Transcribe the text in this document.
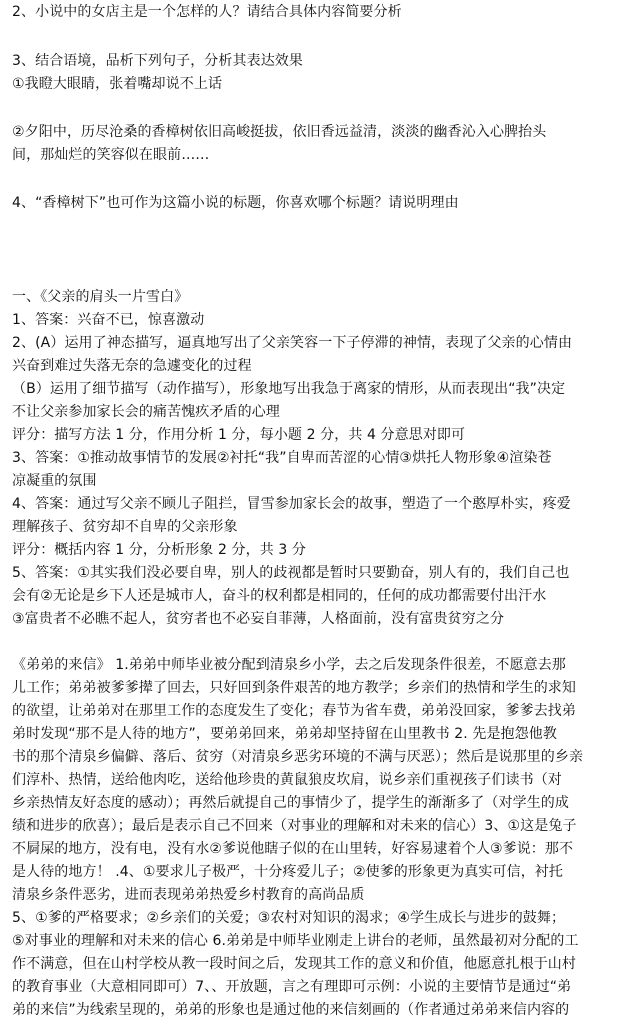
2、小说中的女店主是一个怎样的人？请结合具体内容简要分析
3、结合语境，品析下列句子，分析其表达效果
①我瞪大眼睛，张着嘴却说不上话
②夕阳中，历尽沧桑的香樟树依旧高峻挺拔，依旧香远益清，淡淡的幽香沁入心脾抬头
间，那灿烂的笑容似在眼前……
4、“香樟树下”也可作为这篇小说的标题，你喜欢哪个标题？请说明理由
一、《父亲的肩头一片雪白》
1、答案：兴奋不已，惊喜激动
2、(A）运用了神态描写，逼真地写出了父亲笑容一下子停滞的神情，表现了父亲的心情由
兴奋到难过失落无奈的急遽变化的过程
（B）运用了细节描写（动作描写），形象地写出我急于离家的情形，从而表现出“我”决定
不让父亲参加家长会的痛苦愧疚矛盾的心理
评分：描写方法 1 分，作用分析 1 分，每小题 2 分，共 4 分意思对即可
3、答案：①推动故事情节的发展②衬托“我”自卑而苦涩的心情③烘托人物形象④渲染苍
凉凝重的氛围
4、答案：通过写父亲不顾儿子阻拦，冒雪参加家长会的故事，塑造了一个憨厚朴实，疼爱
理解孩子、贫穷却不自卑的父亲形象
评分：概括内容 1 分，分析形象 2 分，共 3 分
5、答案：①其实我们没必要自卑，别人的歧视都是暂时只要勤奋，别人有的，我们自己也
会有②无论是乡下人还是城市人，奋斗的权利都是相同的，任何的成功都需要付出汗水
③富贵者不必瞧不起人，贫穷者也不必妄自菲薄，人格面前，没有富贵贫穷之分
《弟弟的来信》 1.弟弟中师毕业被分配到清泉乡小学，去之后发现条件很差，不愿意去那
儿工作；弟弟被爹爹撵了回去，只好回到条件艰苦的地方教学；乡亲们的热情和学生的求知
的欲望，让弟弟对在那里工作的态度发生了变化；春节为省车费，弟弟没回家，爹爹去找弟
弟时发现“那不是人待的地方”，要弟弟回来，弟弟却坚持留在山里教书 2. 先是抱怨他教
书的那个清泉乡偏僻、落后、贫穷（对清泉乡恶劣环境的不满与厌恶）；然后是说那里的乡亲
们淳朴、热情，送给他肉吃，送给他珍贵的黄鼠狼皮坎肩，说乡亲们重视孩子们读书（对
乡亲热情友好态度的感动）；再然后就提自己的事情少了，提学生的渐渐多了（对学生的成
绩和进步的欣喜）；最后是表示自己不回来（对事业的理解和对未来的信心）3、①这是兔子
不屙屎的地方，没有电，没有水②爹说他瞎子似的在山里转，好容易逮着个人③爹说：那不
是人待的地方！ .4、①要求儿子极严，十分疼爱儿子；②使爹的形象更为真实可信，衬托
清泉乡条件恶劣，进而表现弟弟热爱乡村教育的高尚品质
5、①爹的严格要求；②乡亲们的关爱；③农村对知识的渴求；④学生成长与进步的鼓舞；
⑤对事业的理解和对未来的信心 6.弟弟是中师毕业刚走上讲台的老师，虽然最初对分配的工
作不满意，但在山村学校从教一段时间之后，发现其工作的意义和价值，他愿意扎根于山村
的教育事业（大意相同即可）7、、开放题，言之有理即可示例：小说的主要情节是通过“弟
弟的来信”为线索呈现的，弟弟的形象也是通过他的来信刻画的（作者通过弟弟来信内容的
